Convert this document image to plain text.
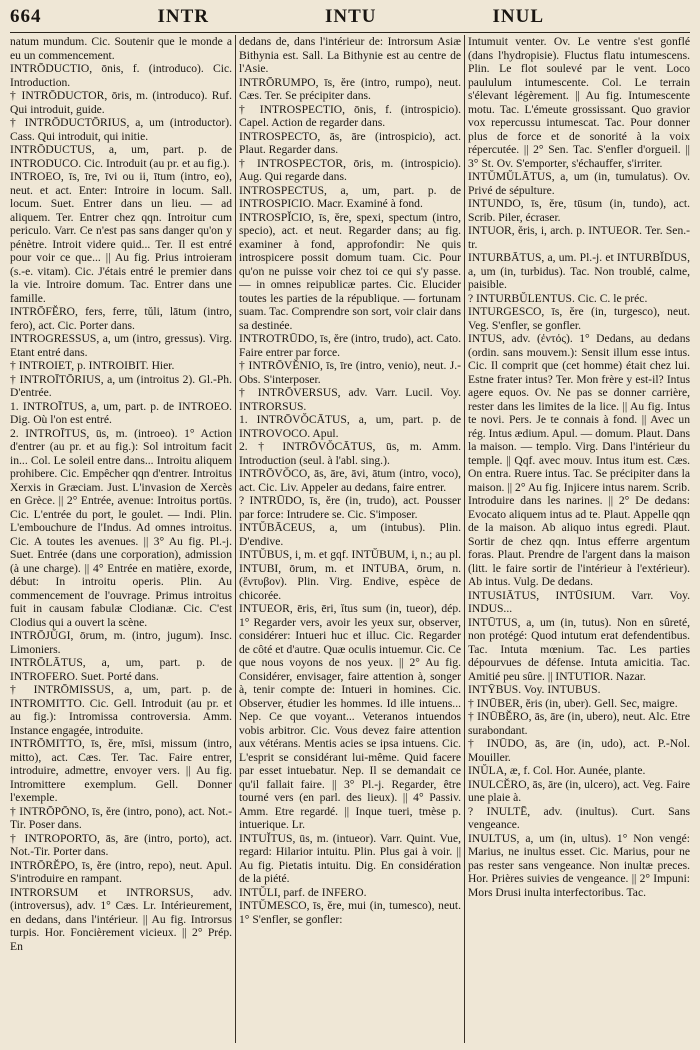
664	INTR	INTU	INUL

natum mundum. Cic. Soutenir que le monde a eu un commencement.

INTRŌDUCTIO, ōnis, f. (introduco). Cic. Introduction.

† INTRŌDUCTOR, ōris, m. (introduco). Ruf. Qui introduit, guide.

† INTRŌDUCTŌRIUS, a, um (introductor). Cass. Qui introduit, qui initie.

INTRŌDUCTUS, a, um, part. p. de INTRODUCO. Cic. Introduit (au pr. et au fig.).

INTROEO, īs, īre, īvi ou ii, ītum (intro, eo), neut. et act. Enter: Introire in locum. Sall. locum. Suet. Entrer dans un lieu. — ad aliquem. Ter. Entrer chez qqn. Introitur cum periculo. Varr. Ce n'est pas sans danger qu'on y pénètre. Introit videre quid... Ter. Il est entré pour voir ce que... || Au fig. Prius introieram (s.-e. vitam). Cic. J'étais entré le premier dans la vie. Introire domum. Tac. Entrer dans une famille.

INTRŌFĔRO, fers, ferre, tŭli, lātum (intro, fero), act. Cic. Porter dans.

INTROGRESSUS, a, um (intro, gressus). Virg. Etant entré dans.

† INTROIET, p. INTROIBIT. Hier.

† INTROĪTŌRIUS, a, um (introitus 2). Gl.-Ph. D'entrée.

1. INTROĪTUS, a, um, part. p. de INTROEO. Dig. Où l'on est entré.

2. INTROĪTUS, ūs, m. (introeo). 1° Action d'entrer (au pr. et au fig.): Sol introitum facit in... Col. Le soleil entre dans... Introitu aliquem prohibere. Cic. Empêcher qqn d'entrer. Introitus Xerxis in Græciam. Just. L'invasion de Xercès en Grèce. || 2° Entrée, avenue: Introitus portūs. Cic. L'entrée du port, le goulet. — Indi. Plin. L'embouchure de l'Indus. Ad omnes introitus. Cic. A toutes les avenues. || 3° Au fig. Pl.-j. Suet. Entrée (dans une corporation), admission (à une charge). || 4° Entrée en matière, exorde, début: In introitu operis. Plin. Au commencement de l'ouvrage. Primus introitus fuit in causam fabulæ Clodianæ. Cic. C'est Clodius qui a ouvert la scène.

INTRŌJŬGI, ōrum, m. (intro, jugum). Insc. Limoniers.

INTRŌLĀTUS, a, um, part. p. de INTROFERO. Suet. Porté dans.

† INTRŌMISSUS, a, um, part. p. de INTROMITTO. Cic. Gell. Introduit (au pr. et au fig.): Intromissa controversia. Amm. Instance engagée, introduite.

INTRŌMITTO, īs, ĕre, mīsi, missum (intro, mitto), act. Cæs. Ter. Tac. Faire entrer, introduire, admettre, envoyer vers. || Au fig. Intromittere exemplum. Gell. Donner l'exemple.

† INTRŌPŌNO, īs, ĕre (intro, pono), act. Not.-Tir. Poser dans.

† INTROPORTO, ās, āre (intro, porto), act. Not.-Tir. Porter dans.

INTRŌRĔPO, īs, ĕre (intro, repo), neut. Apul. S'introduire en rampant.

INTRORSUM et INTRORSUS, adv. (introversus), adv. 1° Cæs. Lr. Intérieurement, en dedans, dans l'intérieur. || Au fig. Introrsus turpis. Hor. Foncièrement vicieux. || 2° Prép. En

dedans de, dans l'intérieur de: Introrsum Asiæ Bithynia est. Sall. La Bithynie est au centre de l'Asie.

INTRŌRUMPO, īs, ĕre (intro, rumpo), neut. Cæs. Ter. Se précipiter dans.

† INTROSPECTIO, ōnis, f. (introspicio). Capel. Action de regarder dans.

INTROSPECTO, ās, āre (introspicio), act. Plaut. Regarder dans.

† INTROSPECTOR, ōris, m. (introspicio). Aug. Qui regarde dans.

INTROSPECTUS, a, um, part. p. de INTROSPICIO. Macr. Examiné à fond.

INTROSPĬCIO, īs, ĕre, spexi, spectum (intro, specio), act. et neut. Regarder dans; au fig. examiner à fond, approfondir: Ne quis introspicere possit domum tuam. Cic. Pour qu'on ne puisse voir chez toi ce qui s'y passe. — in omnes reipublicæ partes. Cic. Elucider toutes les parties de la république. — fortunam suam. Tac. Comprendre son sort, voir clair dans sa destinée.

INTROTRŪDO, īs, ĕre (intro, trudo), act. Cato. Faire entrer par force.

† INTRŌVĔNIO, īs, īre (intro, venio), neut. J.-Obs. S'interposer.

† INTRŌVERSUS, adv. Varr. Lucil. Voy. INTRORSUS.

1. INTRŌVŎCĀTUS, a, um, part. p. de INTROVOCO. Apul.

2. † INTRŌVŎCĀTUS, ūs, m. Amm. Introduction (seul. à l'abl. sing.).

INTRŌVŎCO, ās, āre, āvi, ātum (intro, voco), act. Cic. Liv. Appeler au dedans, faire entrer.

? INTRŪDO, īs, ĕre (in, trudo), act. Pousser par force: Intrudere se. Cic. S'imposer.

INTŬBĀCEUS, a, um (intubus). Plin. D'endive.

INTŬBUS, i, m. et gqf. INTŬBUM, i, n.; au pl. INTUBI, ōrum, m. et INTUBA, ōrum, n. (ἔντυβον). Plin. Virg. Endive, espèce de chicorée.

INTUEOR, ēris, ēri, ĭtus sum (in, tueor), dép. 1° Regarder vers, avoir les yeux sur, observer, considérer: Intueri huc et illuc. Cic. Regarder de côté et d'autre. Quæ oculis intuemur. Cic. Ce que nous voyons de nos yeux. || 2° Au fig. Considérer, envisager, faire attention à, songer à, tenir compte de: Intueri in homines. Cic. Observer, étudier les hommes. Id ille intuens... Nep. Ce que voyant... Veteranos intuendos vobis arbitror. Cic. Vous devez faire attention aux vétérans. Mentis acies se ipsa intuens. Cic. L'esprit se considérant lui-même. Quid facere par esset intuebatur. Nep. Il se demandait ce qu'il fallait faire. || 3° Pl.-j. Regarder, être tourné vers (en parl. des lieux). || 4° Passiv. Amm. Etre regardé. || Inque tueri, tmèse p. intuerique. Lr.

INTUĬTUS, ūs, m. (intueor). Varr. Quint. Vue, regard: Hilarior intuitu. Plin. Plus gai à voir. || Au fig. Pietatis intuitu. Dig. En considération de la piété.

INTŬLI, parf. de INFERO.

INTŬMESCO, īs, ĕre, mui (in, tumesco), neut. 1° S'enfler, se gonfler:

Intumuit venter. Ov. Le ventre s'est gonflé (dans l'hydropisie). Fluctus flatu intumescens. Plin. Le flot soulevé par le vent. Loco paululum intumescente. Col. Le terrain s'élevant légèrement. || Au fig. Intumescente motu. Tac. L'émeute grossissant. Quo gravior vox repercussu intumescat. Tac. Pour donner plus de force et de sonorité à la voix répercutée. || 2° Sen. Tac. S'enfler d'orgueil. || 3° St. Ov. S'emporter, s'échauffer, s'irriter.

INTŬMŬLĀTUS, a, um (in, tumulatus). Ov. Privé de sépulture.

INTUNDO, īs, ĕre, tūsum (in, tundo), act. Scrib. Piler, écraser.

INTUOR, ĕris, i, arch. p. INTUEOR. Ter. Sen.-tr.

INTURBĀTUS, a, um. Pl.-j. et INTURBĬDUS, a, um (in, turbidus). Tac. Non troublé, calme, paisible.

? INTURBŬLENTUS. Cic. C. le préc.

INTURGESCO, īs, ĕre (in, turgesco), neut. Veg. S'enfler, se gonfler.

INTUS, adv. (ἐντός). 1° Dedans, au dedans (ordin. sans mouvem.): Sensit illum esse intus. Cic. Il comprit que (cet homme) était chez lui. Estne frater intus? Ter. Mon frère y est-il? Intus agere equos. Ov. Ne pas se donner carrière, rester dans les limites de la lice. || Au fig. Intus te novi. Pers. Je te connais à fond. || Avec un rég. Intus ædium. Apul. — domum. Plaut. Dans la maison. — templo. Virg. Dans l'intérieur du temple. || Qqf. avec mouv. Intus itum est. Cæs. On entra. Ruere intus. Tac. Se précipiter dans la maison. || 2° Au fig. Injicere intus narem. Scrib. Introduire dans les narines. || 2° De dedans: Evocato aliquem intus ad te. Plaut. Appelle qqn de la maison. Ab aliquo intus egredi. Plaut. Sortir de chez qqn. Intus efferre argentum foras. Plaut. Prendre de l'argent dans la maison (litt. le faire sortir de l'intérieur à l'extérieur). Ab intus. Vulg. De dedans.

INTUSIĀTUS, INTŪSIUM. Varr. Voy. INDUS...

INTŪTUS, a, um (in, tutus). Non en sûreté, non protégé: Quod intutum erat defendentibus. Tac. Intuta mœnium. Tac. Les parties dépourvues de défense. Intuta amicitia. Tac. Amitié peu sûre. || INTUTIOR. Nazar.

INTȲBUS. Voy. INTUBUS.

† INŪBER, ĕris (in, uber). Gell. Sec, maigre.

† INŪBĔRO, ās, āre (in, ubero), neut. Alc. Etre surabondant.

† INŪDO, ās, āre (in, udo), act. P.-Nol. Mouiller.

INŬLA, æ, f. Col. Hor. Aunée, plante.

INULCĔRO, ās, āre (in, ulcero), act. Veg. Faire une plaie à.

? INULTĒ, adv. (inultus). Curt. Sans vengeance.

INULTUS, a, um (in, ultus). 1° Non vengé: Marius, ne inultus esset. Cic. Marius, pour ne pas rester sans vengeance. Non inultæ preces. Hor. Prières suivies de vengeance. || 2° Impuni: Mors Drusi inulta interfectoribus. Tac.
